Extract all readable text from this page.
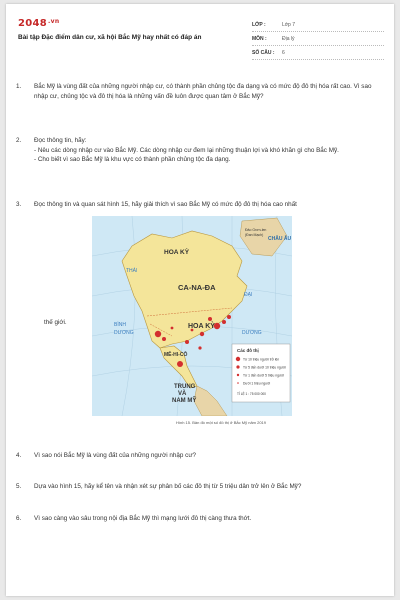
$2048^{.vn}$
Bài tập Đặc điểm dân cư, xã hội Bắc Mỹ hay nhất có đáp án
LỚP :	Lớp 7
MÔN :	Địa lý
SỐ CÂU :	6
1. Bắc Mỹ là vùng đất của những người nhập cư, có thành phần chủng tộc đa dạng và có mức độ đô thị hóa rất cao. Vì sao nhập cư, chủng tộc và đô thị hóa là những vấn đề luôn được quan tâm ở Bắc Mỹ?
2. Đọc thông tin, hãy:
- Nêu các dòng nhập cư vào Bắc Mỹ. Các dòng nhập cư đem lại những thuận lợi và khó khăn gì cho Bắc Mỹ.
- Cho biết vì sao Bắc Mỹ là khu vực có thành phần chủng tộc đa dạng.
3. Đọc thông tin và quan sát hình 15, hãy giải thích vì sao Bắc Mỹ có mức độ đô thị hóa cao nhất
thế giới.
HOA KỲ
CA-NA-ĐA
HOA KỲ
MÊ-HI-CÔ
TRUNG VÀ NAM MỸ
Đảo Grơn-len (Đan Mạch)
CHÂU ÂU
THÁI
BÌNH
DƯƠNG
ĐẠI
DƯƠNG
Các đô thị
Từ 10 triệu người trở lên
Từ 5 đến dưới 10 triệu người
Từ 1 đến dưới 5 triệu người
Dưới 1 triệu người
TỈ LỆ 1 : 75 000 000
Hình 15. Bản đồ một số đô thị ở Bắc Mỹ năm 2019
4. Vì sao nói Bắc Mỹ là vùng đất của những người nhập cư?
5. Dựa vào hình 15, hãy kể tên và nhận xét sự phân bố các đô thị từ 5 triệu dân trở lên ở Bắc Mỹ?
6. Vì sao càng vào sâu trong nội địa Bắc Mỹ thì mạng lưới đô thị càng thưa thớt.
